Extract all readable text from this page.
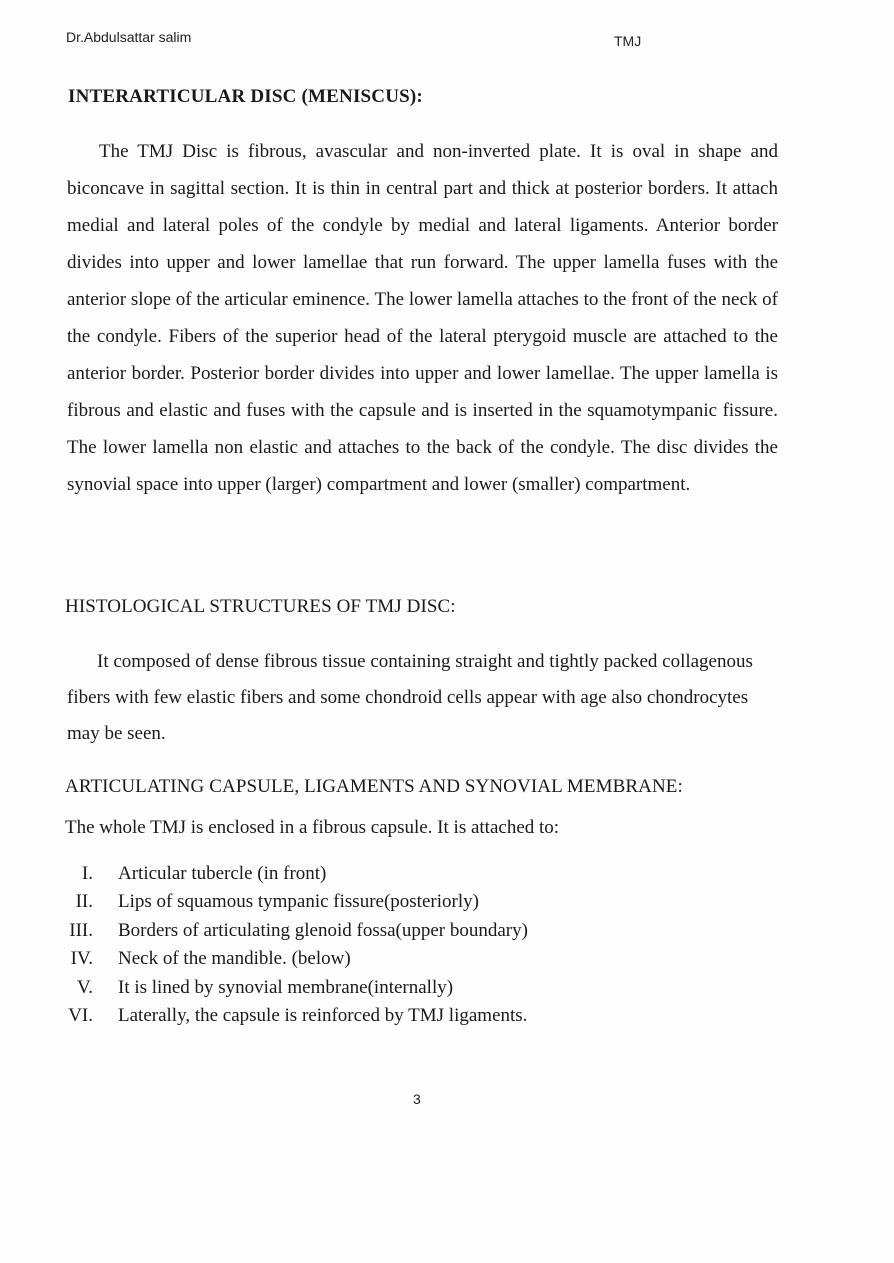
Dr.Abdulsattar salim	TMJ
INTERARTICULAR DISC (MENISCUS):

The TMJ Disc is fibrous, avascular and non-inverted plate. It is oval in shape and biconcave in sagittal section. It is thin in central part and thick at posterior borders. It attach medial and lateral poles of the condyle by medial and lateral ligaments. Anterior border divides into upper and lower lamellae that run forward. The upper lamella fuses with the anterior slope of the articular eminence. The lower lamella attaches to the front of the neck of the condyle. Fibers of the superior head of the lateral pterygoid muscle are attached to the anterior border. Posterior border divides into upper and lower lamellae. The upper lamella is fibrous and elastic and fuses with the capsule and is inserted in the squamotympanic fissure. The lower lamella non elastic and attaches to the back of the condyle. The disc divides the synovial space into upper (larger) compartment and lower (smaller) compartment.

HISTOLOGICAL STRUCTURES OF TMJ DISC:

It composed of dense fibrous tissue containing straight and tightly packed collagenous fibers with few elastic fibers and some chondroid cells appear with age also chondrocytes may be seen.

ARTICULATING CAPSULE, LIGAMENTS AND SYNOVIAL MEMBRANE:
The whole TMJ is enclosed in a fibrous capsule. It is attached to:
I. Articular tubercle (in front)
II. Lips of squamous tympanic fissure(posteriorly)
III. Borders of articulating glenoid fossa(upper boundary)
IV. Neck of the mandible. (below)
V. It is lined by synovial membrane(internally)
VI. Laterally, the capsule is reinforced by TMJ ligaments.
3
